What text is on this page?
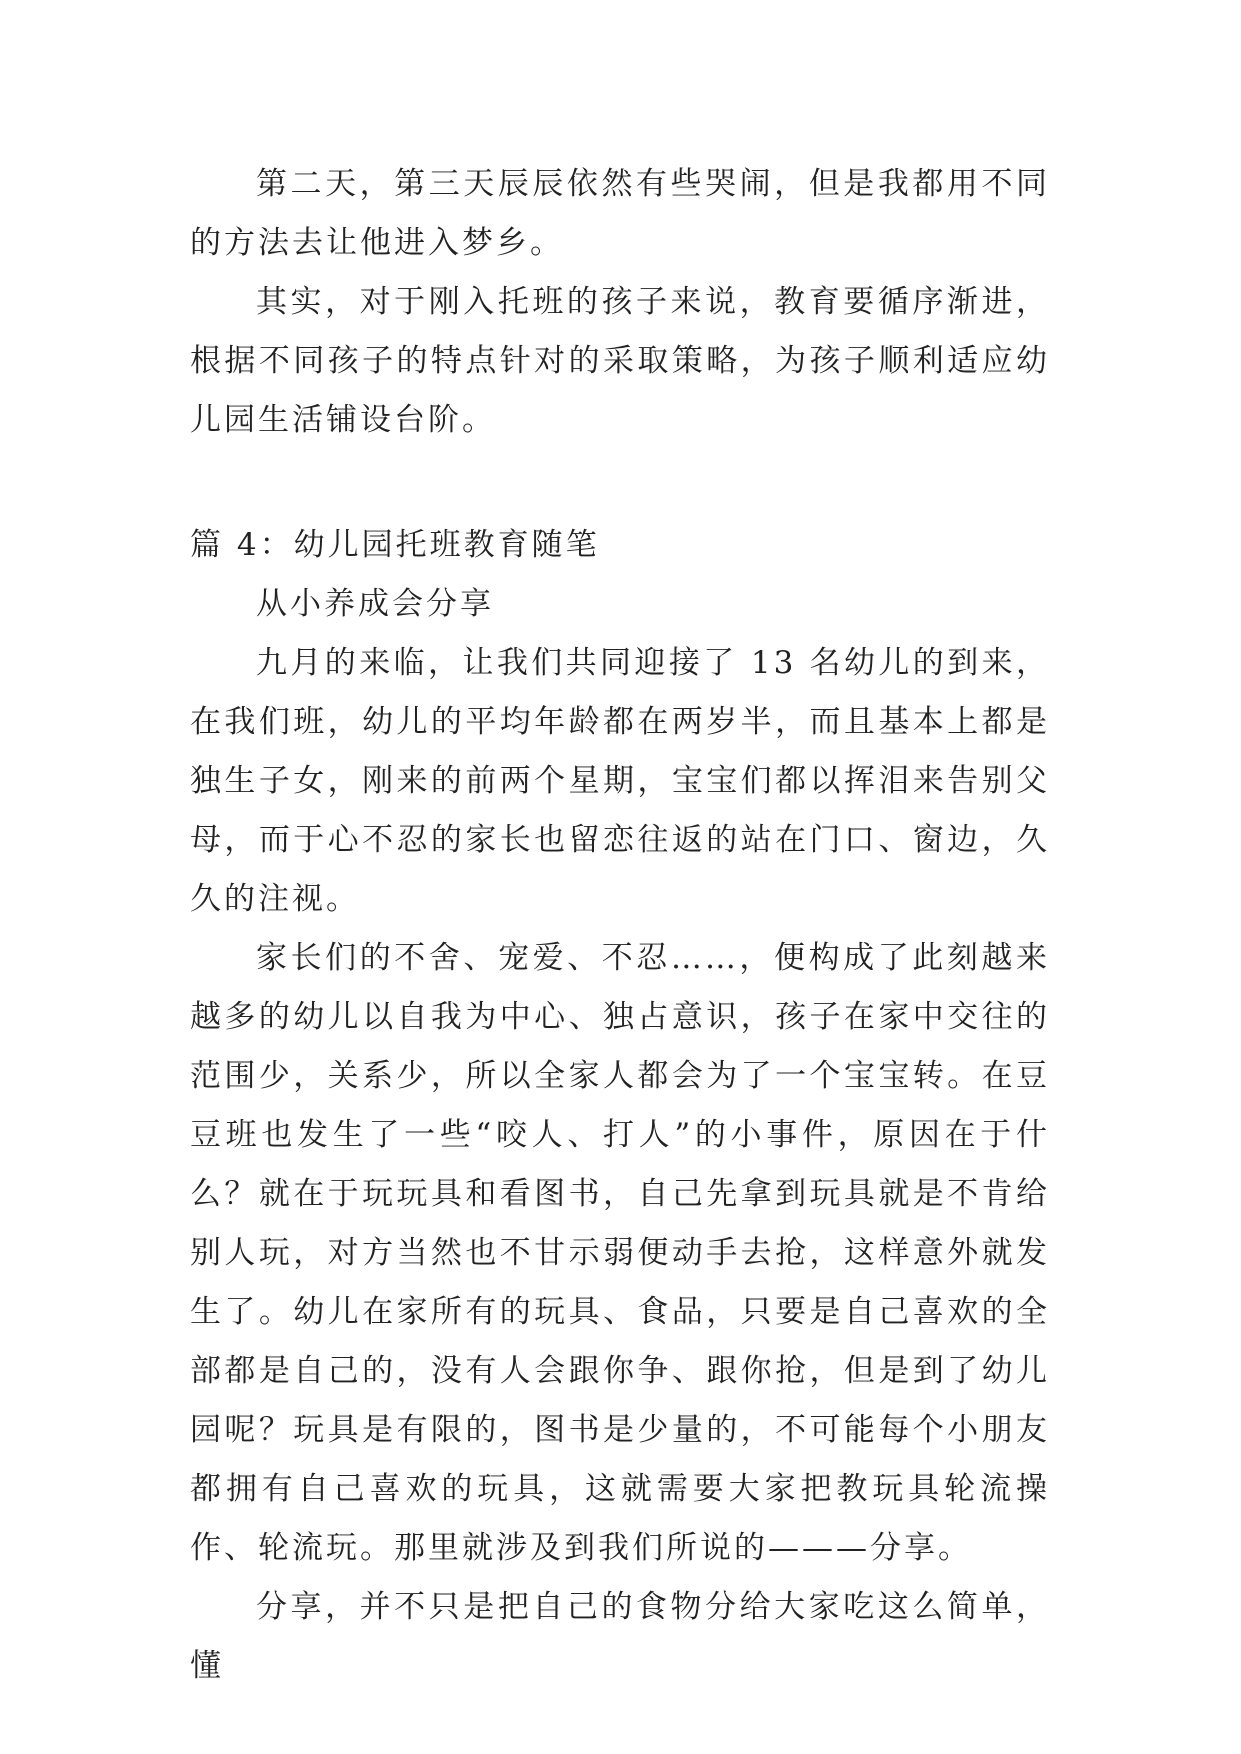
第二天，第三天辰辰依然有些哭闹，但是我都用不同的方法去让他进入梦乡。

其实，对于刚入托班的孩子来说，教育要循序渐进，根据不同孩子的特点针对的采取策略，为孩子顺利适应幼儿园生活铺设台阶。

篇 4：幼儿园托班教育随笔

从小养成会分享

九月的来临，让我们共同迎接了 13 名幼儿的到来，在我们班，幼儿的平均年龄都在两岁半，而且基本上都是独生子女，刚来的前两个星期，宝宝们都以挥泪来告别父母，而于心不忍的家长也留恋往返的站在门口、窗边，久久的注视。

家长们的不舍、宠爱、不忍……，便构成了此刻越来越多的幼儿以自我为中心、独占意识，孩子在家中交往的范围少，关系少，所以全家人都会为了一个宝宝转。在豆豆班也发生了一些“咬人、打人”的小事件，原因在于什么？就在于玩玩具和看图书，自己先拿到玩具就是不肯给别人玩，对方当然也不甘示弱便动手去抢，这样意外就发生了。幼儿在家所有的玩具、食品，只要是自己喜欢的全部都是自己的，没有人会跟你争、跟你抢，但是到了幼儿园呢？玩具是有限的，图书是少量的，不可能每个小朋友都拥有自己喜欢的玩具，这就需要大家把教玩具轮流操作、轮流玩。那里就涉及到我们所说的———分享。

分享，并不只是把自己的食物分给大家吃这么简单，懂
